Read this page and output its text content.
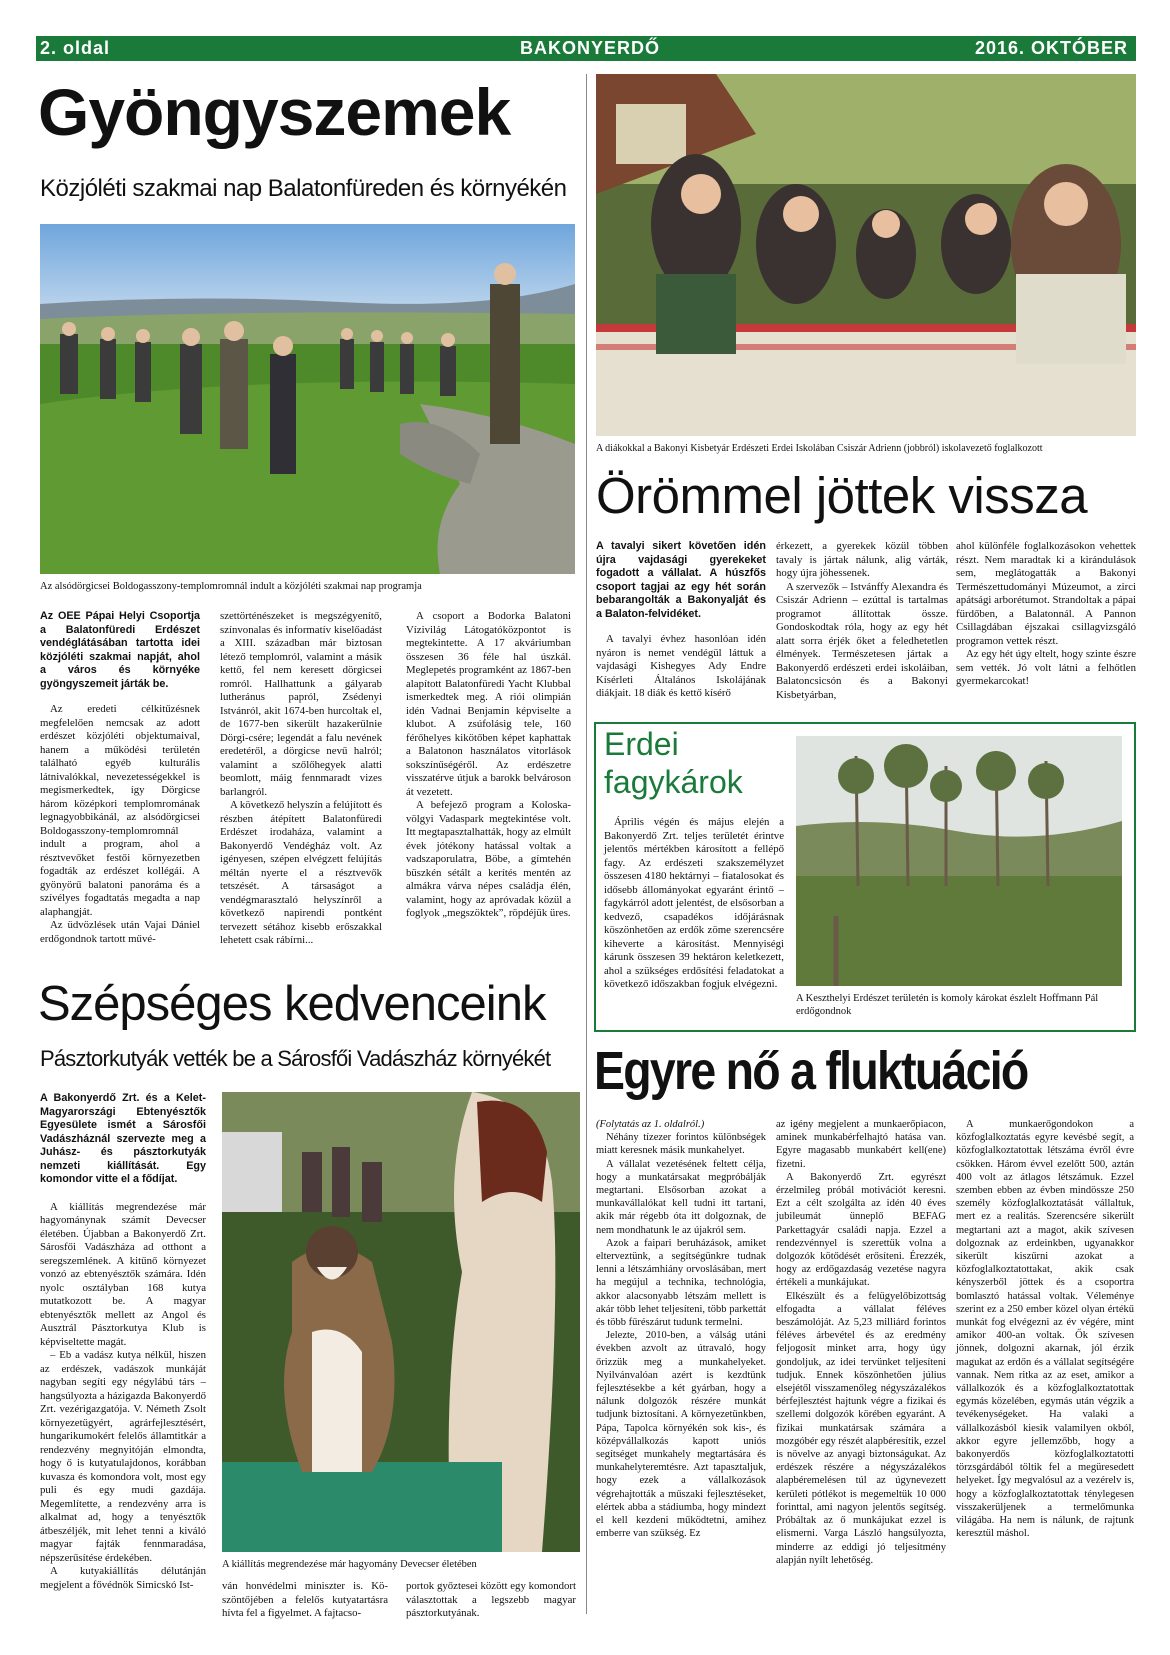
2. oldal	BAKONYERDŐ	2016. OKTÓBER
Gyöngyszemek
Közjóléti szakmai nap Balatonfüreden és környékén
Az alsódörgicsei Boldogasszony-templomromnál indult a közjóléti szakmai nap programja
Az OEE Pápai Helyi Csoportja a Balatonfüredi Erdészet vendéglátásában tartotta idei közjóléti szakmai napját, ahol a város és környéke gyöngyszemeit járták be.

Az eredeti célkitűzésnek megfelelően nemcsak az adott erdészet közjóléti objektumaival, hanem a működési területén található egyéb kulturális látnivalókkal, nevezetességekkel is megismerkedtek, így Dörgicse három középkori templomromának legnagyobbikánál, az alsódörgicsei Boldogasszony-templomromnál indult a program, ahol a résztvevőket festői környezetben fogadták az erdészet kollégái. A gyönyörű balatoni panoráma és a szívélyes fogadtatás megadta a nap alaphangját.

Az üdvözlések után Vajai Dániel erdőgondnok tartott művé-

szettörténészeket is megszégyenítő, színvonalas és informatív kiselőadást a XIII. században már biztosan létező templomról, valamint a másik kettő, fel nem keresett dörgicsei romról. Hallhattunk a gályarab lutheránus papról, Zsédenyi Istvánról, akit 1674-ben hurcoltak el, de 1677-ben sikerült hazakerülnie Dörgi-csére; legendát a falu nevének eredetéről, a dörgicse nevű halról; valamint a szőlőhegyek alatti beomlott, máig fennmaradt vizes barlangról.

A következő helyszín a felújított és részben átépített Balatonfüredi Erdészet irodaháza, valamint a Bakonyerdő Vendégház volt. Az igényesen, szépen elvégzett felújítás méltán nyerte el a résztvevők tetszését. A társaságot a vendégmarasztaló helyszínről a következő napirendi pontként tervezett sétához kisebb erőszakkal lehetett csak rábírni...

A csoport a Bodorka Balatoni Vízivilág Látogatóközpontot is megtekintette. A 17 akváriumban összesen 36 féle hal úszkál. Meglepetés programként az 1867-ben alapított Balatonfüredi Yacht Klubbal ismerkedtek meg. A riói olimpián idén Vadnai Benjamin képviselte a klubot. A zsúfolásig tele, 160 férőhelyes kikötőben képet kaphattak a Balatonon használatos vitorlások sokszínűségéről. Az erdészetre visszatérve útjuk a barokk belvároson át vezetett.

A befejező program a Koloska-völgyi Vadaspark megtekintése volt. Itt megtapasztalhatták, hogy az elmúlt évek jótékony hatással voltak a vadszaporulatra, Böbe, a gímtehén büszkén sétált a kerítés mentén az almákra várva népes családja élén, valamint, hogy az apróvadak közül a foglyok „megszöktek”, röpdéjük üres.

A diákokkal a Bakonyi Kisbetyár Erdészeti Erdei Iskolában Csiszár Adrienn (jobbról) iskolavezető foglalkozott
Örömmel jöttek vissza
A tavalyi sikert követően idén újra vajdasági gyerekeket fogadott a vállalat. A húszfős csoport tagjai az egy hét során bebarangolták a Bakonyalját és a Balaton-felvidéket.

A tavalyi évhez hasonlóan idén nyáron is nemet vendégül láttuk a vajdasági Kishegyes Ady Endre Kísérleti Általános Iskolájának diákjait. 18 diák és kettő kísérő

érkezett, a gyerekek közül többen tavaly is jártak nálunk, alig várták, hogy újra jöhessenek.

A szervezők – Istvánffy Alexandra és Csiszár Adrienn – ezúttal is tartalmas programot állítottak össze. Gondoskodtak róla, hogy az egy hét alatt sorra érjék őket a feledhetetlen élmények. Természetesen jártak a Bakonyerdő erdészeti erdei iskoláiban, Balatoncsicsón és a Bakonyi Kisbetyárban,

ahol különféle foglalkozásokon vehettek részt. Nem maradtak ki a kirándulások sem, meglátogatták a Bakonyi Természettudományi Múzeumot, a zirci apátsági arborétumot. Strandoltak a pápai fürdőben, a Balatonnál. A Pannon Csillagdában éjszakai csillagvizsgáló programon vettek részt.

Az egy hét úgy eltelt, hogy szinte észre sem vették. Jó volt látni a felhőtlen gyermekarcokat!

Erdei
fagykárok

Április végén és május elején a Bakonyerdő Zrt. teljes területét érintve jelentős mértékben károsított a fellépő fagy. Az erdészeti szakszemélyzet összesen 4180 hektárnyi – fiatalosokat és idősebb állományokat egyaránt érintő – fagykárról adott jelentést, de elsősorban a kedvező, csapadékos időjárásnak köszönhetően az erdők zöme szerencsére kiheverte a károsítást. Mennyiségi kárunk összesen 39 hektáron keletkezett, ahol a szükséges erdősítési feladatokat a következő időszakban fogjuk elvégezni.

A Keszthelyi Erdészet területén is komoly károkat észlelt Hoffmann Pál erdőgondnok
Szépséges kedvenceink
Pásztorkutyák vették be a Sárosfői Vadászház környékét
A Bakonyerdő Zrt. és a Kelet-Magyarországi Ebtenyésztők Egyesülete ismét a Sárosfői Vadászháznál szervezte meg a Juhász- és pásztorkutyák nemzeti kiállítását. Egy komondor vitte el a fődíjat.

A kiállítás megrendezése már hagyománynak számít Devecser életében. Újabban a Bakonyerdő Zrt. Sárosfői Vadászháza ad otthont a seregszemlének. A kitűnő környezet vonzó az ebtenyésztők számára. Idén nyolc osztályban 168 kutya mutatkozott be. A magyar ebtenyésztők mellett az Angol és Ausztrál Pásztorkutya Klub is képviseltette magát.

– Eb a vadász kutya nélkül, hiszen az erdészek, vadászok munkáját nagyban segíti egy négylábú társ – hangsúlyozta a házigazda Bakonyerdő Zrt. vezérigazgatója. V. Németh Zsolt környezetügyért, agrárfejlesztésért, hungarikumokért felelős államtitkár a rendezvény megnyitóján elmondta, hogy ő is kutyatulajdonos, korábban kuvasza és komondora volt, most egy puli és egy mudi gazdája. Megemlítette, a rendezvény arra is alkalmat ad, hogy a tenyésztők átbeszéljék, mit lehet tenni a kiváló magyar fajták fennmaradása, népszerűsítése érdekében.

A kutyakiállítás délutánján megjelent a fővédnök Simicskó Ist-

A kiállítás megrendezése már hagyomány Devecser életében

ván honvédelmi miniszter is. Kö-szöntőjében a felelős kutyatartásra hívta fel a figyelmet. A fajtacso-

portok győztesei között egy komondort választottak a legszebb magyar pásztorkutyának.

Egyre nő a fluktuáció

(Folytatás az 1. oldalról.)

Néhány tízezer forintos különbségek miatt keresnek másik munkahelyet.

A vállalat vezetésének feltett célja, hogy a munkatársakat megpróbálják megtartani. Elsősorban azokat a munkavállalókat kell tudni itt tartani, akik már régebb óta itt dolgoznak, de nem mondhatunk le az újakról sem.

Azok a faipari beruházások, amiket elterveztünk, a segítségünkre tudnak lenni a létszámhiány orvoslásában, mert ha megújul a technika, technológia, akkor alacsonyabb létszám mellett is akár több lehet teljesíteni, több parkettát és több fűrészárut tudunk termelni.

Jelezte, 2010-ben, a válság utáni években azvolt az útravaló, hogy őrizzük meg a munkahelyeket. Nyilvánvalóan azért is kezdtünk fejlesztésekbe a két gyárban, hogy a nálunk dolgozók részére munkát tudjunk biztosítani. A környezetünkben, Pápa, Tapolca környékén sok kis-, és középvállalkozás kapott uniós segítséget munkahely megtartására és munkahelyteremtésre. Azt tapasztaljuk, hogy ezek a vállalkozások végrehajtották a műszaki fejlesztéseket, elértek abba a stádiumba, hogy mindezt el kell kezdeni működtetni, amihez emberre van szükség. Ez

az igény megjelent a munkaerőpiacon, aminek munkabérfelhajtó hatása van. Egyre magasabb munkabért kell(ene) fizetni.

A Bakonyerdő Zrt. egyrészt érzelmileg próbál motivációt keresni. Ezt a célt szolgálta az idén 40 éves jubileumát ünneplő BEFAG Parkettagyár családi napja. Ezzel a rendezvénnyel is szerettük volna a dolgozók kötődését erősíteni. Érezzék, hogy az erdőgazdaság vezetése nagyra értékeli a munkájukat.

Elkészült és a felügyelőbizottság elfogadta a vállalat féléves beszámolóját. Az 5,23 milliárd forintos féléves árbevétel és az eredmény feljogosít minket arra, hogy úgy gondoljuk, az idei tervünket teljesíteni tudjuk. Ennek köszönhetően július elsejétől visszamenőleg négyszázalékos bérfejlesztést hajtunk végre a fizikai és szellemi dolgozók körében egyaránt. A fizikai munkatársak számára a mozgóbér egy részét alapbéresítik, ezzel is növelve az anyagi biztonságukat. Az erdészek részére a négyszázalékos alapbéremelésen túl az úgynevezett kerületi pótlékot is megemeltük 10 000 forinttal, ami nagyon jelentős segítség. Próbáltak az ő munkájukat ezzel is elismerni. Varga László hangsúlyozta, minderre az eddigi jó teljesítmény alapján nyílt lehetőség.

A munkaerőgondokon a közfoglalkoztatás egyre kevésbé segít, a közfoglalkoztatottak létszáma évről évre csökken. Három évvel ezelőtt 500, aztán 400 volt az átlagos létszámuk. Ezzel szemben ebben az évben mindössze 250 személy közfoglalkoztatását vállaltuk, mert ez a realitás. Szerencsére sikerült megtartani azt a magot, akik szívesen dolgoznak az erdeinkben, ugyanakkor sikerült kiszűrni azokat a közfoglalkoztatottakat, akik csak kényszerből jöttek és a csoportra bomlasztó hatással voltak. Véleménye szerint ez a 250 ember közel olyan értékű munkát fog elvégezni az év végére, mint amikor 400-an voltak. Ők szívesen jönnek, dolgozni akarnak, jól érzik magukat az erdőn és a vállalat segítségére vannak. Nem ritka az az eset, amikor a vállalkozók és a közfoglalkoztatottak egymás közelében, egymás után végzik a tevékenységeket. Ha valaki a vállalkozásból kiesik valamilyen okból, akkor egyre jellemzőbb, hogy a bakonyerdős közfoglalkoztatotti törzsgárdából töltik fel a megüresedett helyeket. Így megvalósul az a vezérelv is, hogy a közfoglalkoztatottak ténylegesen visszakerüljenek a termelőmunka világába. Ha nem is nálunk, de rajtunk keresztül máshol.
